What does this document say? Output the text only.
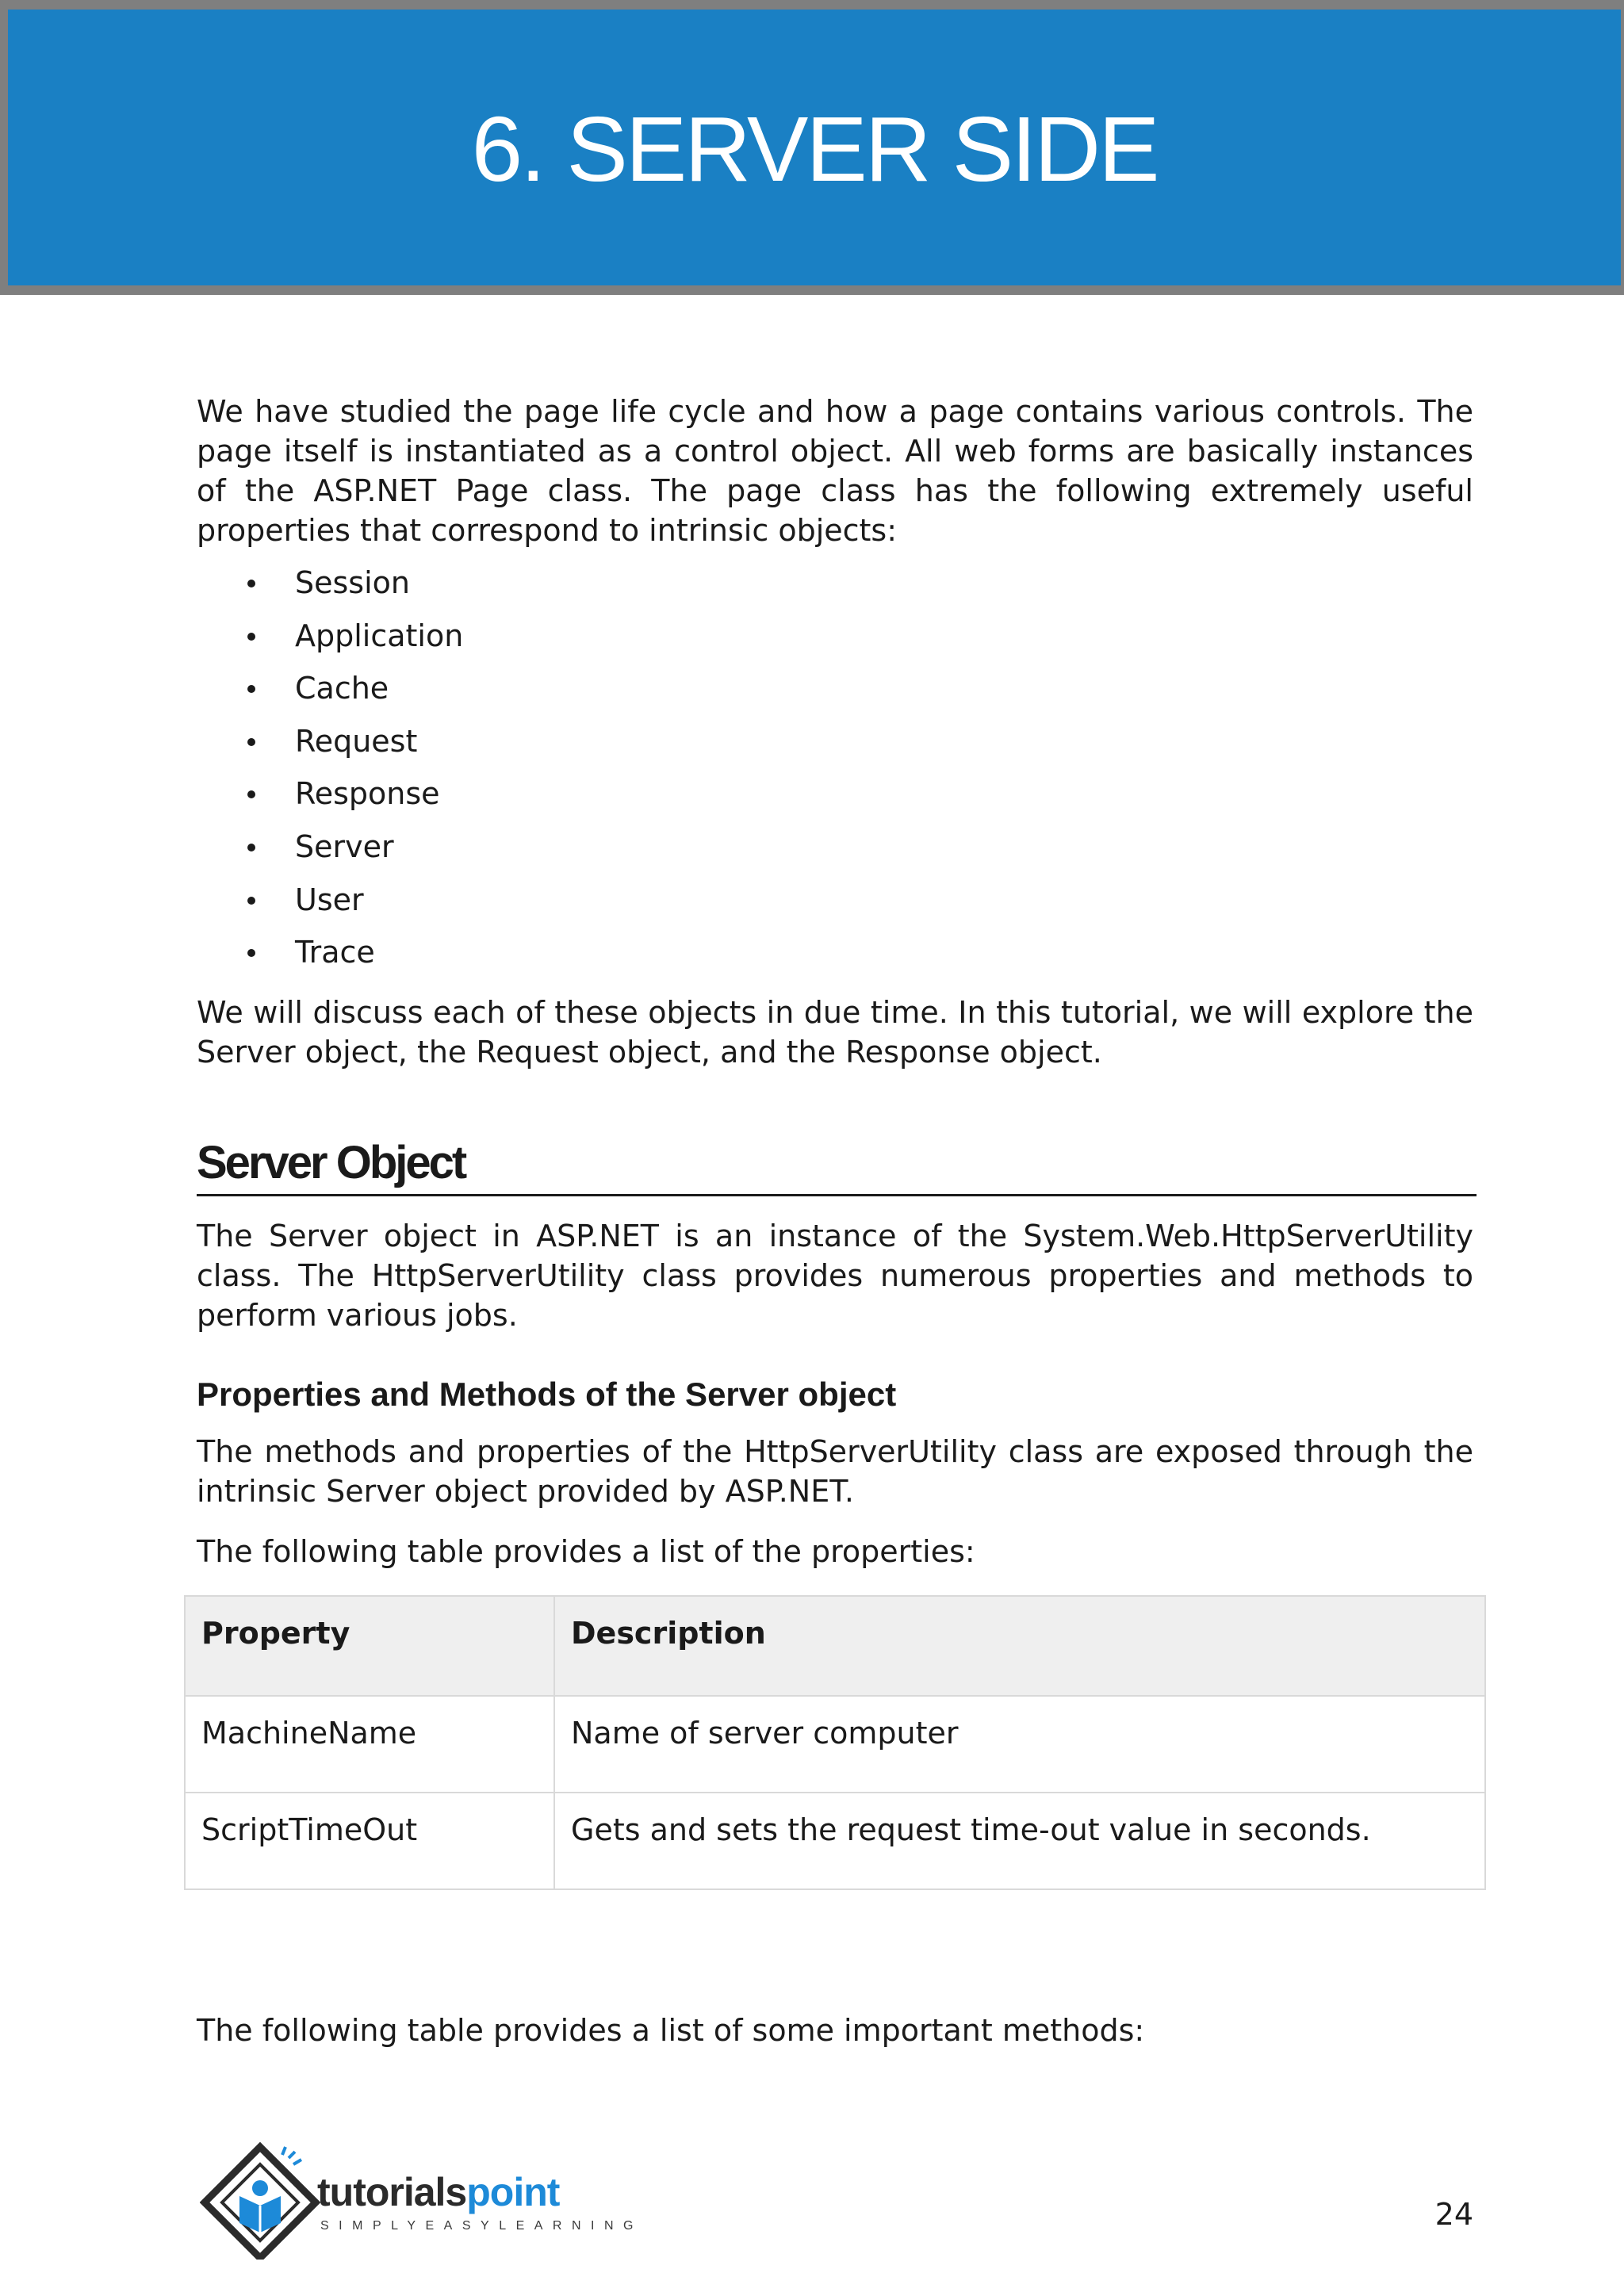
6. SERVER SIDE

We have studied the page life cycle and how a page contains various controls. The page itself is instantiated as a control object. All web forms are basically instances of the ASP.NET Page class. The page class has the following extremely useful properties that correspond to intrinsic objects:

Session
Application
Cache
Request
Response
Server
User
Trace

We will discuss each of these objects in due time. In this tutorial, we will explore the Server object, the Request object, and the Response object.

Server Object

The Server object in ASP.NET is an instance of the System.Web.HttpServerUtility class. The HttpServerUtility class provides numerous properties and methods to perform various jobs.

Properties and Methods of the Server object

The methods and properties of the HttpServerUtility class are exposed through the intrinsic Server object provided by ASP.NET.

The following table provides a list of the properties:

Property	Description
MachineName	Name of server computer
ScriptTimeOut	Gets and sets the request time-out value in seconds.

The following table provides a list of some important methods:

tutorialspoint
SIMPLYEASYLEARNING	24
